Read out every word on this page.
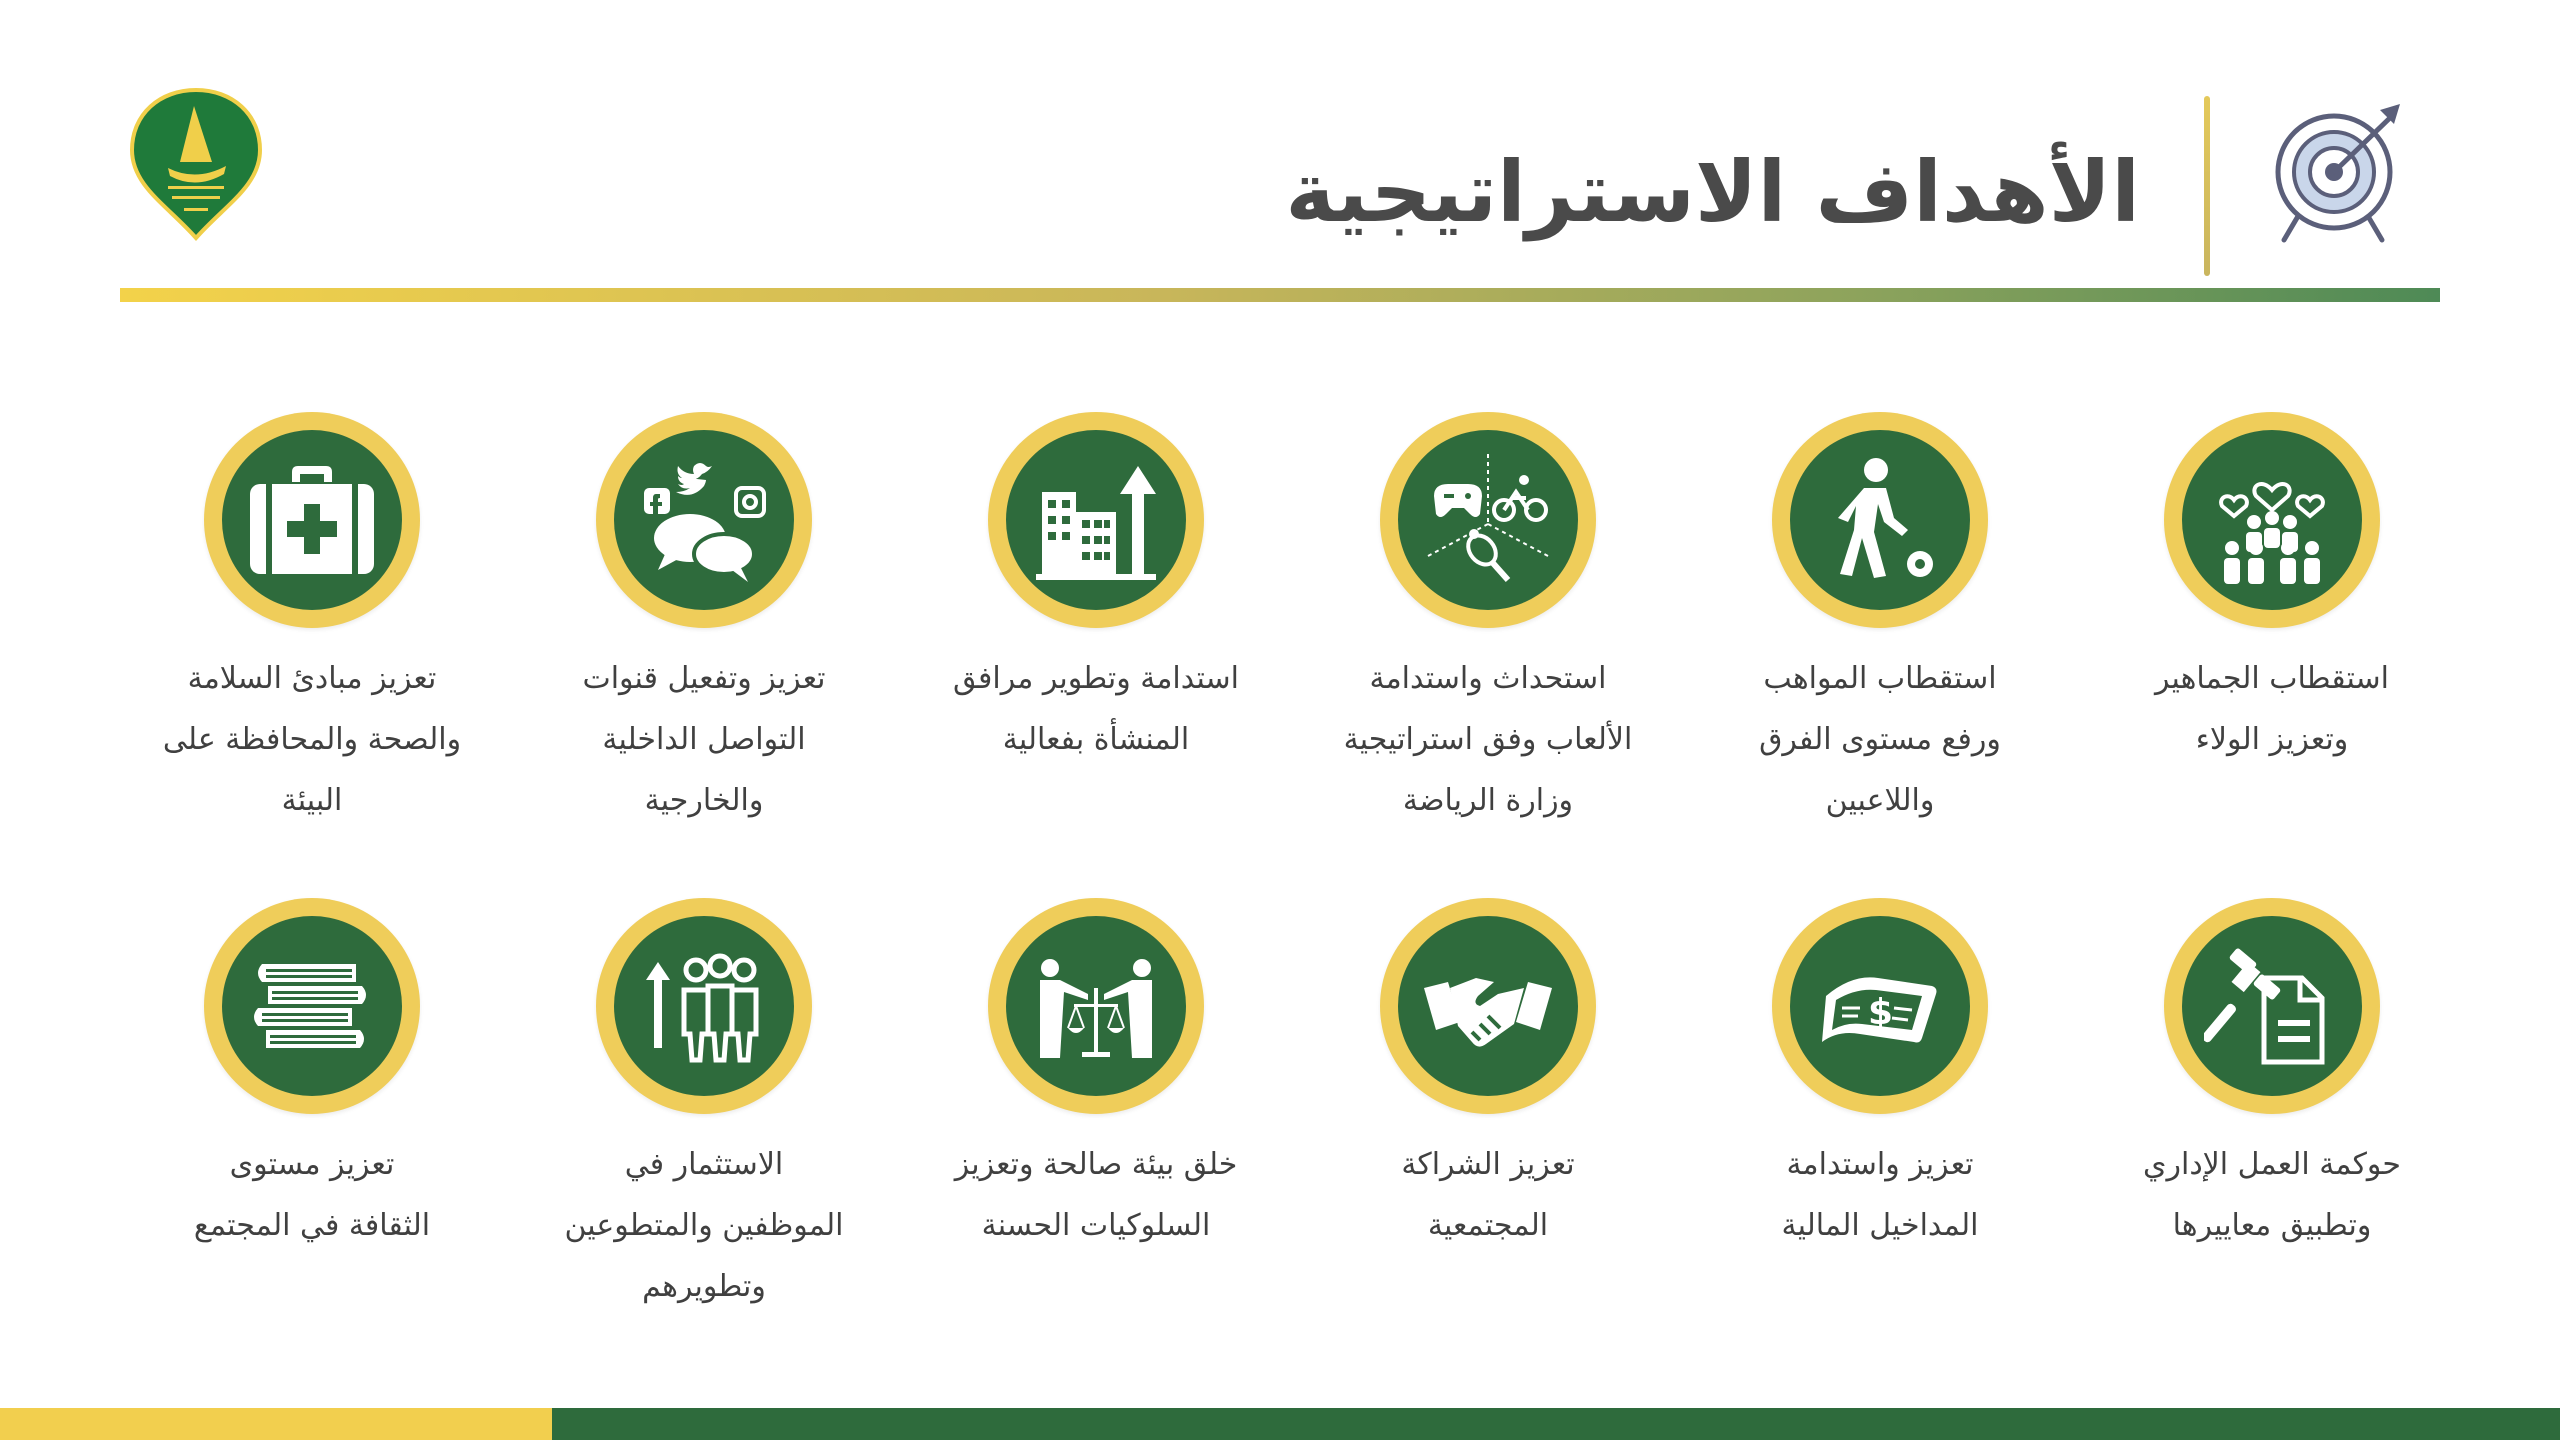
الأهداف الاستراتيجية
استقطاب الجماهير
وتعزيز الولاء
استقطاب المواهب
ورفع مستوى الفرق
واللاعبين
استحداث واستدامة
الألعاب وفق استراتيجية
وزارة الرياضة
استدامة وتطوير مرافق
المنشأة بفعالية
تعزيز وتفعيل قنوات
التواصل الداخلية
والخارجية
تعزيز مبادئ السلامة
والصحة والمحافظة على
البيئة
حوكمة العمل الإداري
وتطبيق معاييرها
$
تعزيز واستدامة
المداخيل المالية
تعزيز الشراكة
المجتمعية
خلق بيئة صالحة وتعزيز
السلوكيات الحسنة
الاستثمار في
الموظفين والمتطوعين
وتطويرهم
تعزيز مستوى
الثقافة في المجتمع
